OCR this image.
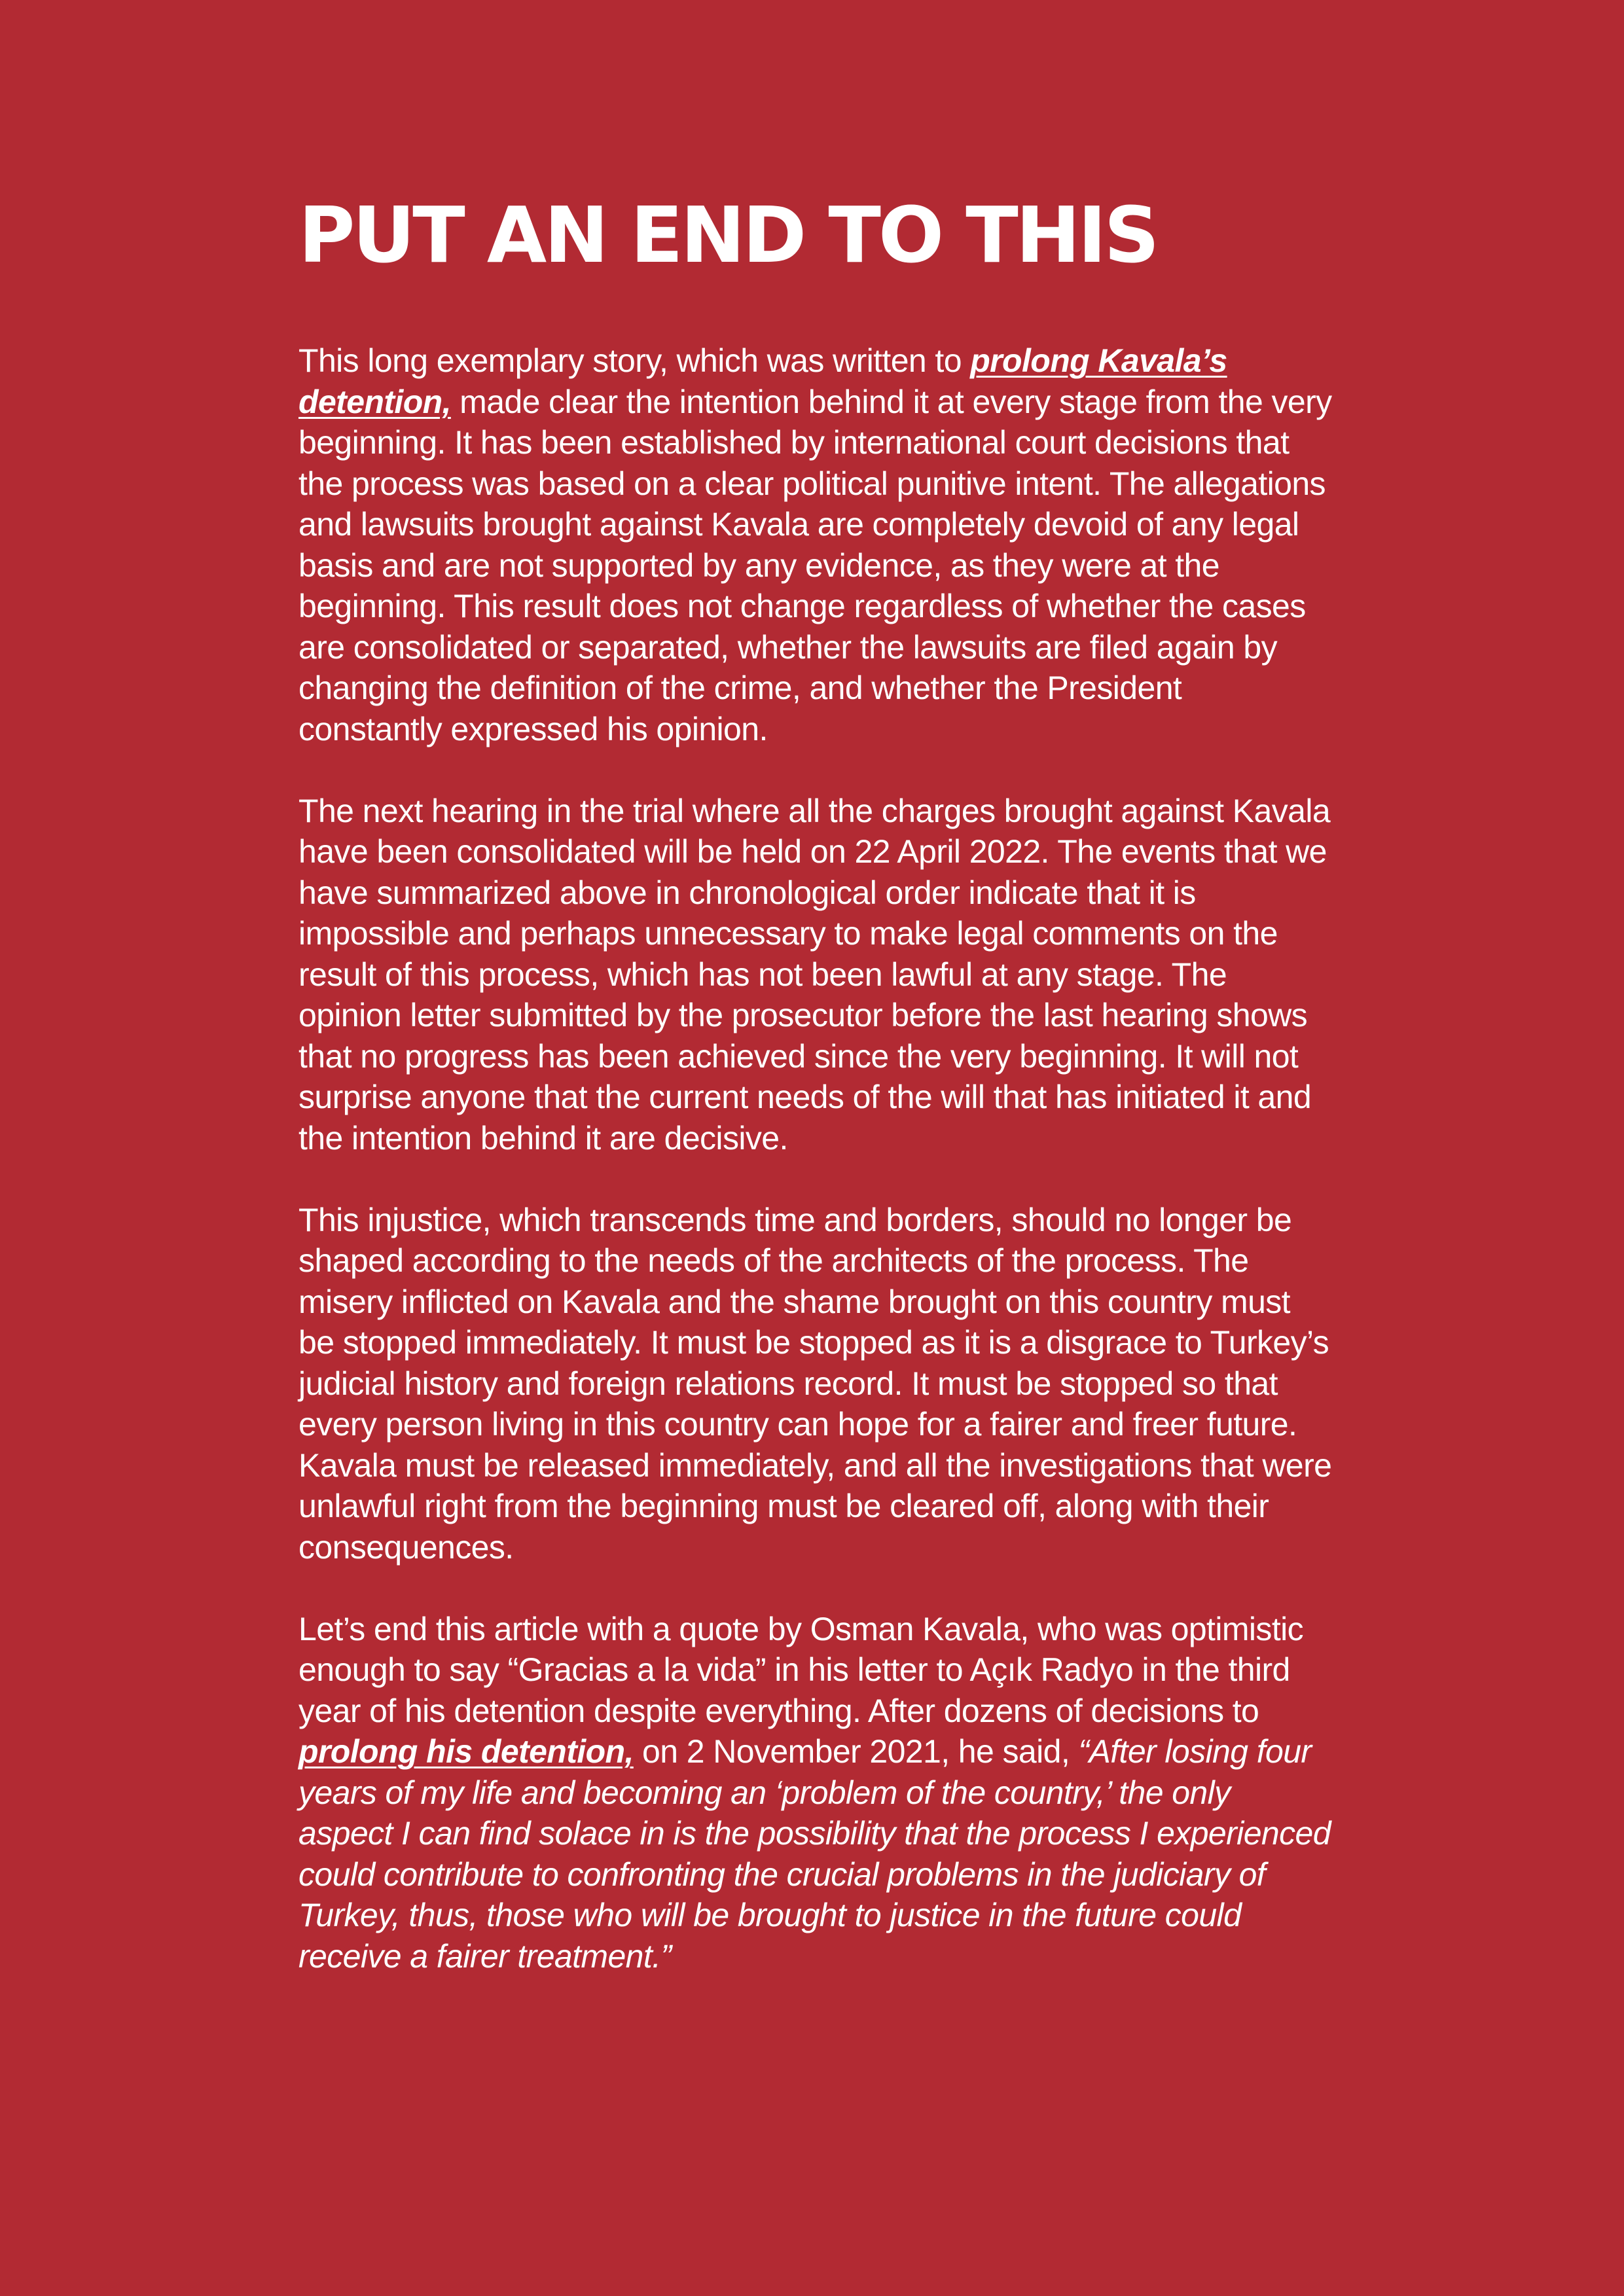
PUT AN END TO THIS

This long exemplary story, which was written to prolong Kavala’s detention, made clear the intention behind it at every stage from the very beginning. It has been established by international court decisions that the process was based on a clear political punitive intent. The allegations and lawsuits brought against Kavala are completely devoid of any legal basis and are not supported by any evidence, as they were at the beginning. This result does not change regardless of whether the cases are consolidated or separated, whether the lawsuits are filed again by changing the definition of the crime, and whether the President constantly expressed his opinion.

The next hearing in the trial where all the charges brought against Kavala have been consolidated will be held on 22 April 2022. The events that we have summarized above in chronological order indicate that it is impossible and perhaps unnecessary to make legal comments on the result of this process, which has not been lawful at any stage. The opinion letter submitted by the prosecutor before the last hearing shows that no progress has been achieved since the very beginning. It will not surprise anyone that the current needs of the will that has initiated it and the intention behind it are decisive.

This injustice, which transcends time and borders, should no longer be shaped according to the needs of the architects of the process. The misery inflicted on Kavala and the shame brought on this country must be stopped immediately. It must be stopped as it is a disgrace to Turkey’s judicial history and foreign relations record. It must be stopped so that every person living in this country can hope for a fairer and freer future. Kavala must be released immediately, and all the investigations that were unlawful right from the beginning must be cleared off, along with their consequences.

Let’s end this article with a quote by Osman Kavala, who was optimistic enough to say “Gracias a la vida” in his letter to Açık Radyo in the third year of his detention despite everything. After dozens of decisions to prolong his detention, on 2 November 2021, he said, “After losing four years of my life and becoming an ‘problem of the country,’ the only aspect I can find solace in is the possibility that the process I experienced could contribute to confronting the crucial problems in the judiciary of Turkey, thus, those who will be brought to justice in the future could receive a fairer treatment.”
